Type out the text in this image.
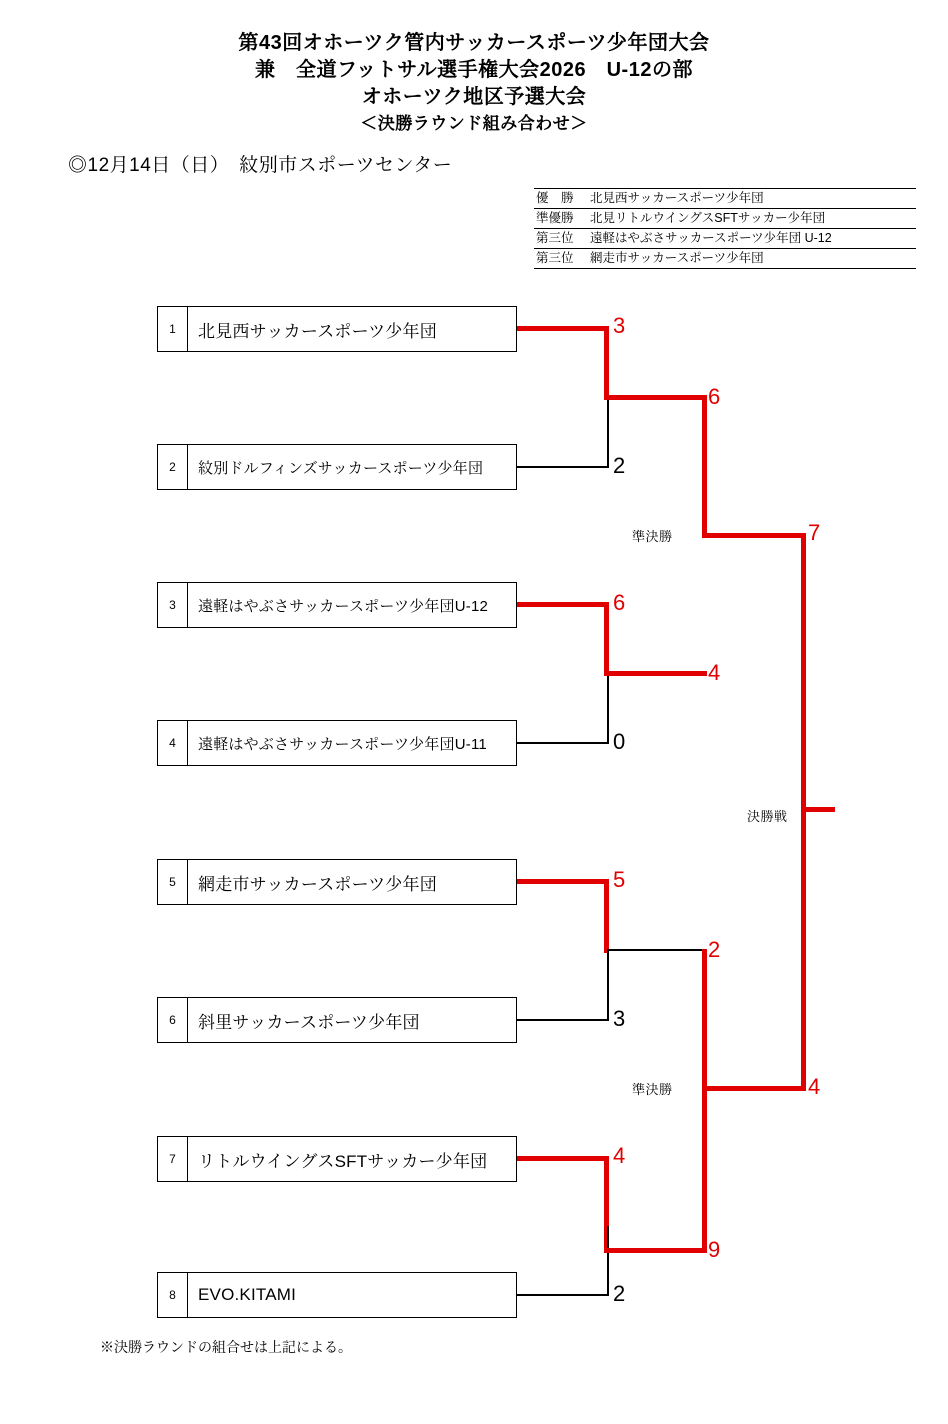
第43回オホーツク管内サッカースポーツ少年団大会
兼　全道フットサル選手権大会2026　U-12の部
オホーツク地区予選大会
＜決勝ラウンド組み合わせ＞
◎12月14日（日）　紋別市スポーツセンター
優　勝	北見西サッカースポーツ少年団
準優勝	北見リトルウイングスSFTサッカー少年団
第三位	遠軽はやぶさサッカースポーツ少年団 U-12
第三位	網走市サッカースポーツ少年団
1	北見西サッカースポーツ少年団
2	紋別ドルフィンズサッカースポーツ少年団
3	遠軽はやぶさサッカースポーツ少年団U-12
4	遠軽はやぶさサッカースポーツ少年団U-11
5	網走市サッカースポーツ少年団
6	斜里サッカースポーツ少年団
7	リトルウイングスSFTサッカー少年団
8	EVO.KITAMI
準決勝
準決勝
決勝戦
3
2
6
0
5
3
4
2
6
4
2
9
7
4
※決勝ラウンドの組合せは上記による。
